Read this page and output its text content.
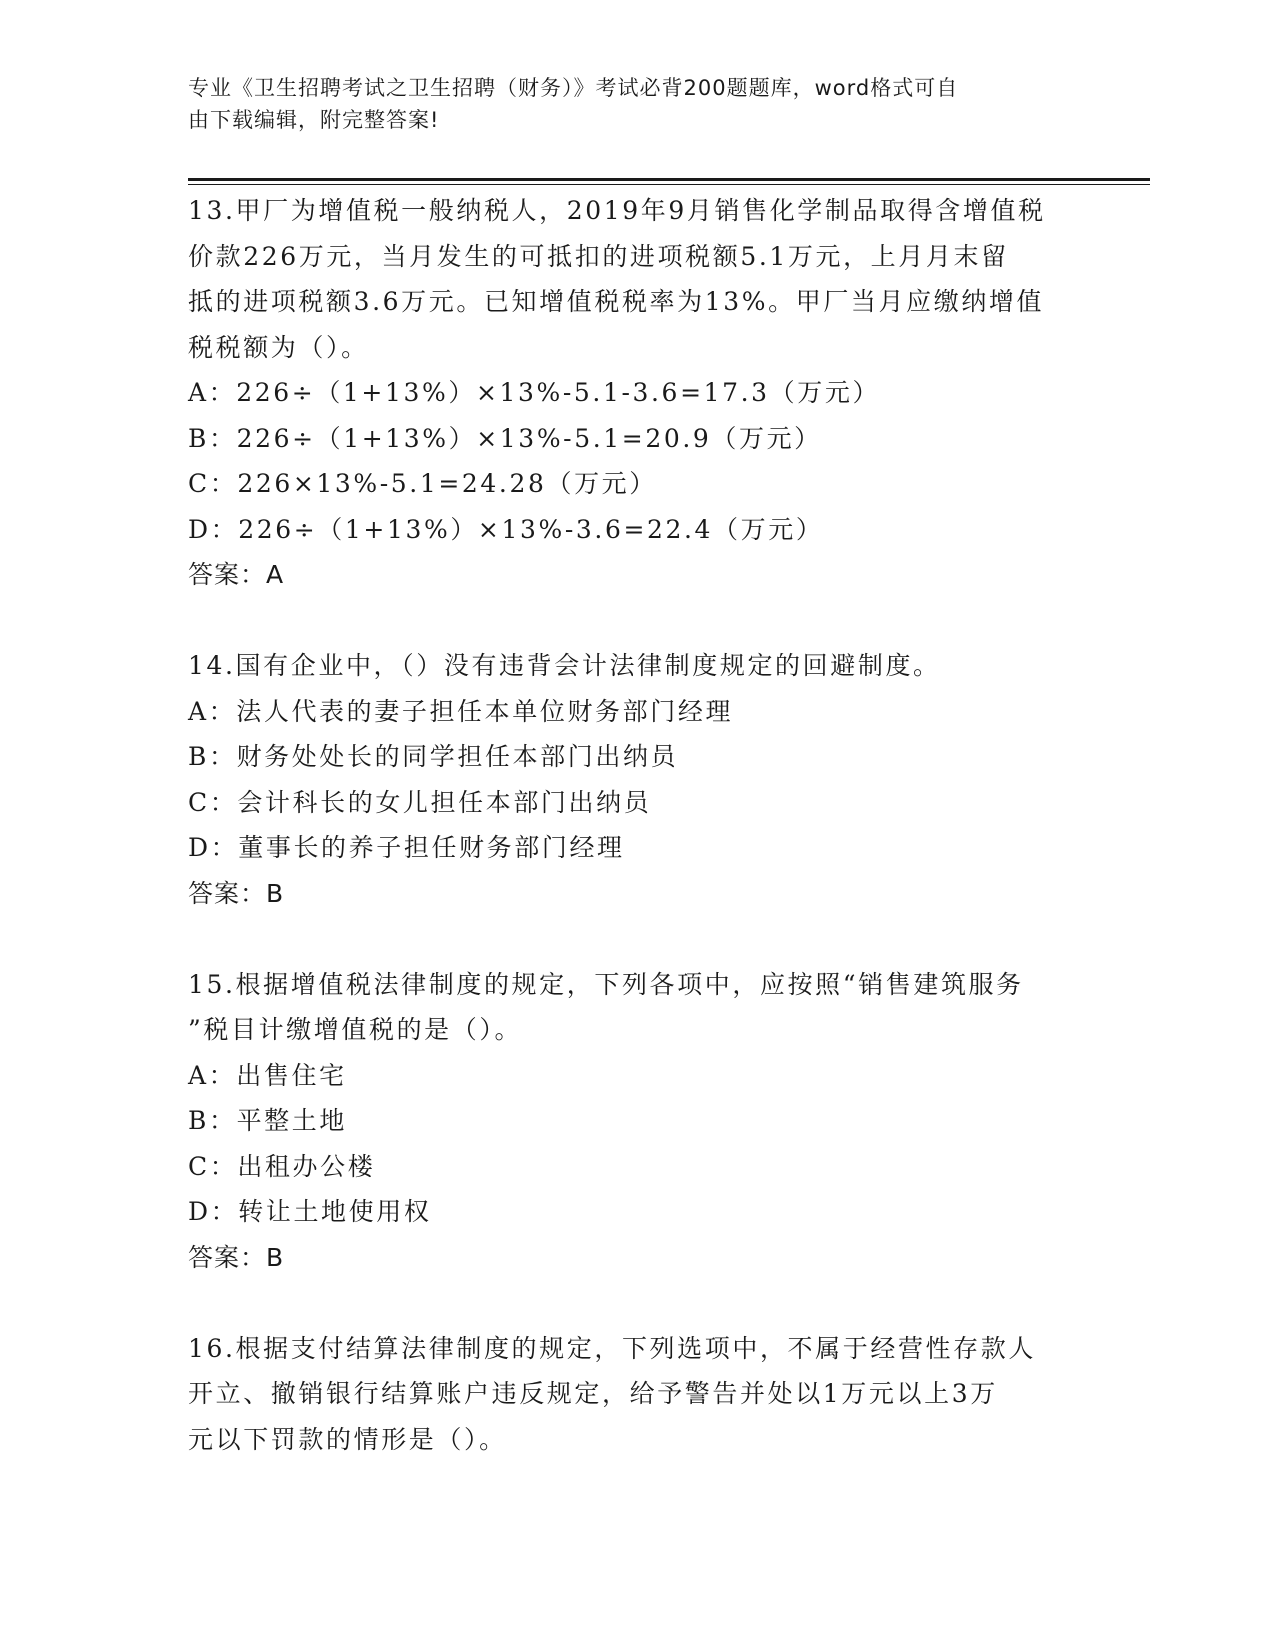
专业《卫生招聘考试之卫生招聘（财务）》考试必背200题题库，word格式可自
由下载编辑，附完整答案!
13.甲厂为增值税一般纳税人，2019年9月销售化学制品取得含增值税
价款226万元，当月发生的可抵扣的进项税额5.1万元，上月月末留
抵的进项税额3.6万元。已知增值税税率为13%。甲厂当月应缴纳增值
税税额为（）。
A：226÷（1+13%）×13%-5.1-3.6=17.3（万元）
B：226÷（1+13%）×13%-5.1=20.9（万元）
C：226×13%-5.1=24.28（万元）
D：226÷（1+13%）×13%-3.6=22.4（万元）
答案：A
14.国有企业中，（）没有违背会计法律制度规定的回避制度。
A：法人代表的妻子担任本单位财务部门经理
B：财务处处长的同学担任本部门出纳员
C：会计科长的女儿担任本部门出纳员
D：董事长的养子担任财务部门经理
答案：B
15.根据增值税法律制度的规定，下列各项中，应按照“销售建筑服务
”税目计缴增值税的是（）。
A：出售住宅
B：平整土地
C：出租办公楼
D：转让土地使用权
答案：B
16.根据支付结算法律制度的规定，下列选项中，不属于经营性存款人
开立、撤销银行结算账户违反规定，给予警告并处以1万元以上3万
元以下罚款的情形是（）。
